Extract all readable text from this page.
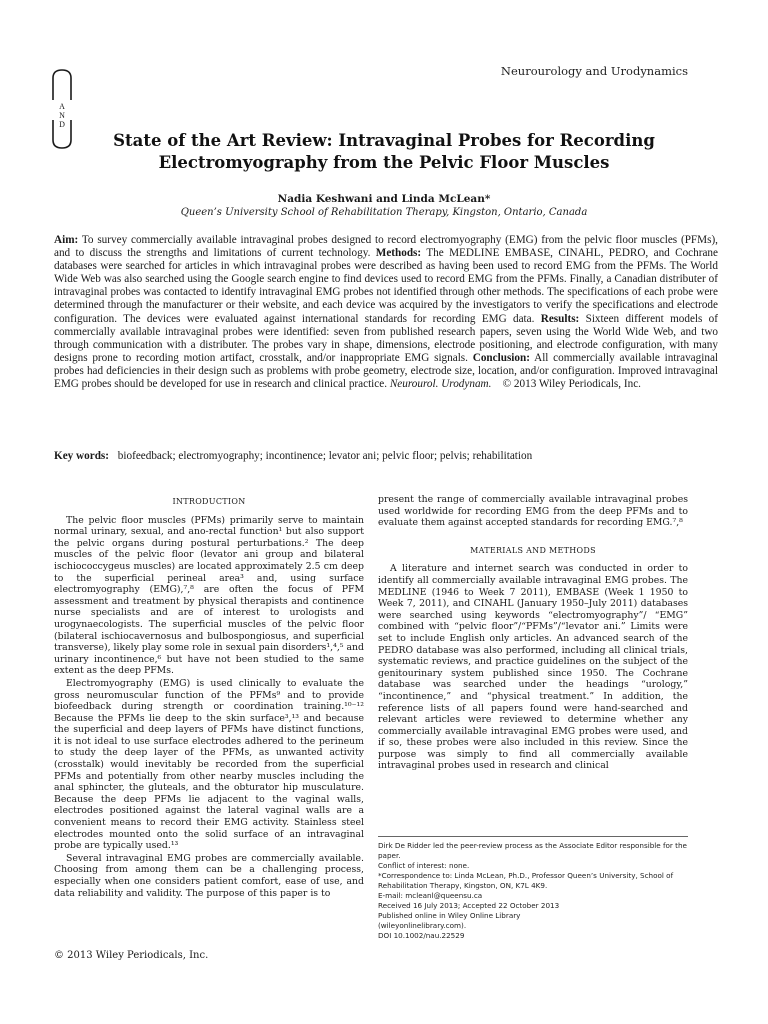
A
N
D
Neurourology and Urodynamics
State of the Art Review: Intravaginal Probes for Recording Electromyography from the Pelvic Floor Muscles
Nadia Keshwani and Linda McLean*
Queen’s University School of Rehabilitation Therapy, Kingston, Ontario, Canada
Aim: To survey commercially available intravaginal probes designed to record electromyography (EMG) from the pelvic floor muscles (PFMs), and to discuss the strengths and limitations of current technology. Methods: The MEDLINE EMBASE, CINAHL, PEDRO, and Cochrane databases were searched for articles in which intravaginal probes were described as having been used to record EMG from the PFMs. The World Wide Web was also searched using the Google search engine to find devices used to record EMG from the PFMs. Finally, a Canadian distributer of intravaginal probes was contacted to identify intravaginal EMG probes not identified through other methods. The specifications of each probe were determined through the manufacturer or their website, and each device was acquired by the investigators to verify the specifications and electrode configuration. The devices were evaluated against international standards for recording EMG data. Results: Sixteen different models of commercially available intravaginal probes were identified: seven from published research papers, seven using the World Wide Web, and two through communication with a distributer. The probes vary in shape, dimensions, electrode positioning, and electrode configuration, with many designs prone to recording motion artifact, crosstalk, and/or inappropriate EMG signals. Conclusion: All commercially available intravaginal probes had deficiencies in their design such as problems with probe geometry, electrode size, location, and/or configuration. Improved intravaginal EMG probes should be developed for use in research and clinical practice. Neurourol. Urodynam. © 2013 Wiley Periodicals, Inc.
Key words: biofeedback; electromyography; incontinence; levator ani; pelvic floor; pelvis; rehabilitation
INTRODUCTION

The pelvic floor muscles (PFMs) primarily serve to maintain normal urinary, sexual, and ano-rectal function¹ but also support the pelvic organs during postural perturbations.² The deep muscles of the pelvic floor (levator ani group and bilateral ischiococcygeus muscles) are located approximately 2.5 cm deep to the superficial perineal area³ and, using surface electromyography (EMG),⁷,⁸ are often the focus of PFM assessment and treatment by physical therapists and continence nurse specialists and are of interest to urologists and urogynaecologists. The superficial muscles of the pelvic floor (bilateral ischiocavernosus and bulbospongiosus, and superficial transverse), likely play some role in sexual pain disorders¹,⁴,⁵ and urinary incontinence,⁶ but have not been studied to the same extent as the deep PFMs.

Electromyography (EMG) is used clinically to evaluate the gross neuromuscular function of the PFMs⁹ and to provide biofeedback during strength or coordination training.¹⁰⁻¹² Because the PFMs lie deep to the skin surface³,¹³ and because the superficial and deep layers of PFMs have distinct functions, it is not ideal to use surface electrodes adhered to the perineum to study the deep layer of the PFMs, as unwanted activity (crosstalk) would inevitably be recorded from the superficial PFMs and potentially from other nearby muscles including the anal sphincter, the gluteals, and the obturator hip musculature. Because the deep PFMs lie adjacent to the vaginal walls, electrodes positioned against the lateral vaginal walls are a convenient means to record their EMG activity. Stainless steel electrodes mounted onto the solid surface of an intravaginal probe are typically used.¹³

Several intravaginal EMG probes are commercially available. Choosing from among them can be a challenging process, especially when one considers patient comfort, ease of use, and data reliability and validity. The purpose of this paper is to

present the range of commercially available intravaginal probes used worldwide for recording EMG from the deep PFMs and to evaluate them against accepted standards for recording EMG.⁷,⁸

MATERIALS AND METHODS

A literature and internet search was conducted in order to identify all commercially available intravaginal EMG probes. The MEDLINE (1946 to Week 7 2011), EMBASE (Week 1 1950 to Week 7, 2011), and CINAHL (January 1950–July 2011) databases were searched using keywords “electromyography”/ “EMG” combined with “pelvic floor”/“PFMs”/“levator ani.” Limits were set to include English only articles. An advanced search of the PEDRO database was also performed, including all clinical trials, systematic reviews, and practice guidelines on the subject of the genitourinary system published since 1950. The Cochrane database was searched under the headings “urology,” “incontinence,” and “physical treatment.” In addition, the reference lists of all papers found were hand-searched and relevant articles were reviewed to determine whether any commercially available intravaginal EMG probes were used, and if so, these probes were also included in this review. Since the purpose was simply to find all commercially available intravaginal probes used in research and clinical

Dirk De Ridder led the peer-review process as the Associate Editor responsible for the paper.
Conflict of interest: none.
*Correspondence to: Linda McLean, Ph.D., Professor Queen’s University, School of Rehabilitation Therapy, Kingston, ON, K7L 4K9.
E-mail: mcleanl@queensu.ca
Received 16 July 2013; Accepted 22 October 2013
Published online in Wiley Online Library
(wileyonlinelibrary.com).
DOI 10.1002/nau.22529
© 2013 Wiley Periodicals, Inc.
